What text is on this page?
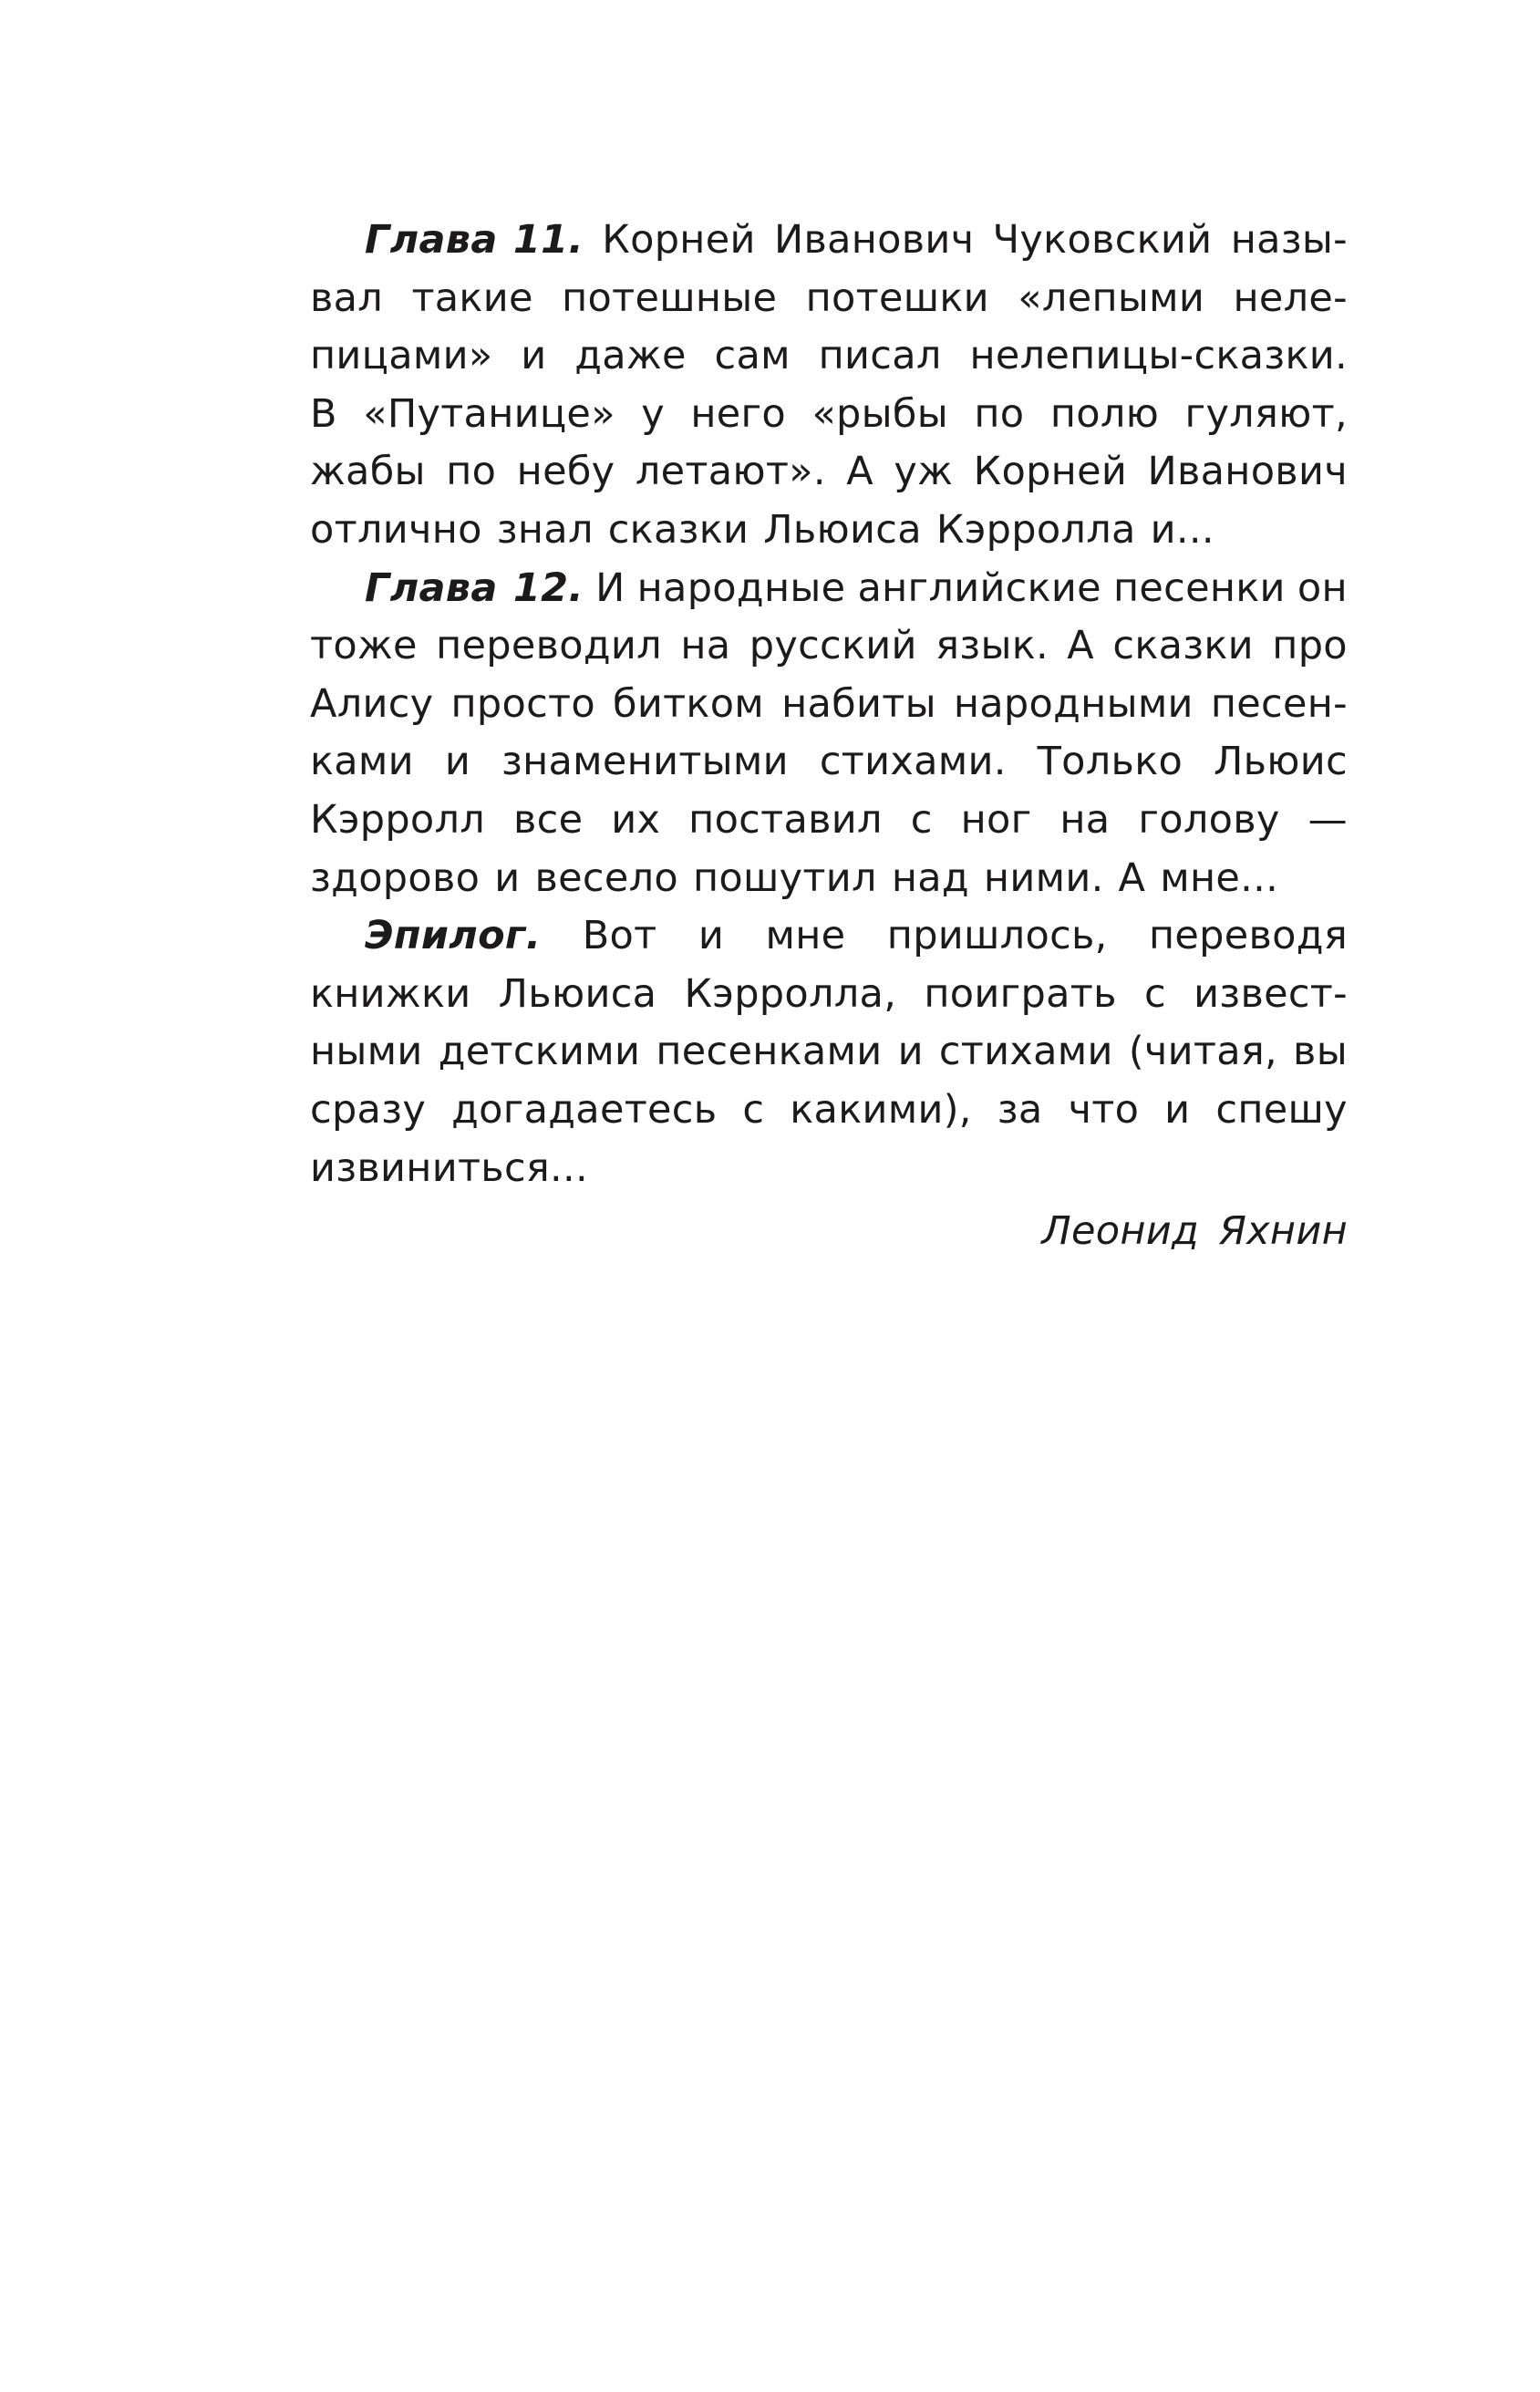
Глава 11. Корней Иванович Чуковский назы-
вал такие потешные потешки «лепыми неле-
пицами» и даже сам писал нелепицы-сказки.
В «Путанице» у него «рыбы по полю гуляют,
жабы по небу летают». А уж Корней Иванович
отлично знал сказки Льюиса Кэрролла и...
Глава 12. И народные английские песенки он
тоже переводил на русский язык. А сказки про
Алису просто битком набиты народными песен-
ками и знаменитыми стихами. Только Льюис
Кэрролл все их поставил с ног на голову —
здорово и весело пошутил над ними. А мне...
Эпилог. Вот и мне пришлось, переводя
книжки Льюиса Кэрролла, поиграть с извест-
ными детскими песенками и стихами (читая, вы
сразу догадаетесь с какими), за что и спешу
извиниться...
Леонид Яхнин
